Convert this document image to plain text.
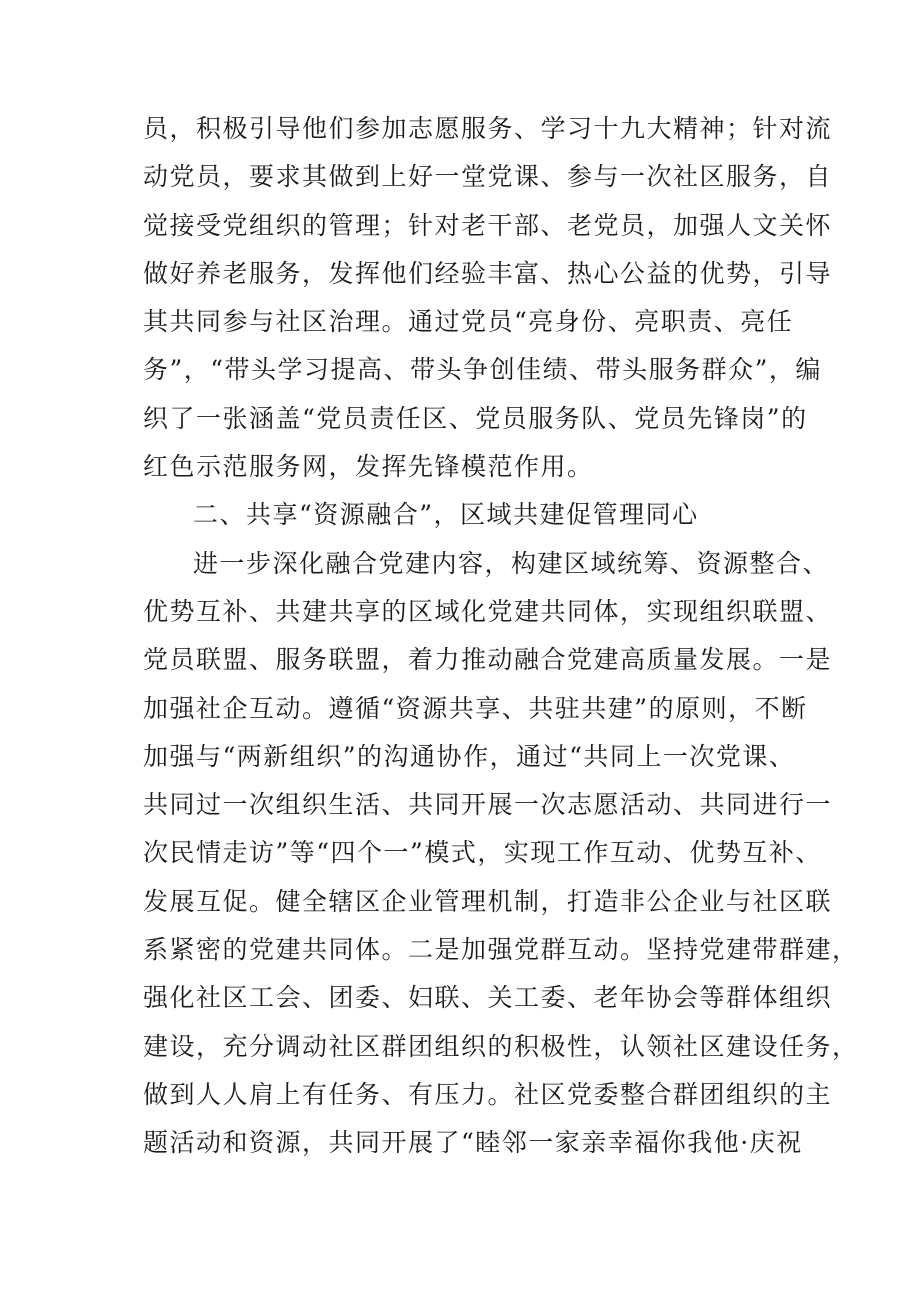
员，积极引导他们参加志愿服务、学习十九大精神；针对流
动党员，要求其做到上好一堂党课、参与一次社区服务，自
觉接受党组织的管理；针对老干部、老党员，加强人文关怀
做好养老服务，发挥他们经验丰富、热心公益的优势，引导
其共同参与社区治理。通过党员“亮身份、亮职责、亮任
务”，“带头学习提高、带头争创佳绩、带头服务群众”，编
织了一张涵盖“党员责任区、党员服务队、党员先锋岗”的
红色示范服务网，发挥先锋模范作用。
二、共享“资源融合”，区域共建促管理同心
进一步深化融合党建内容，构建区域统筹、资源整合、
优势互补、共建共享的区域化党建共同体，实现组织联盟、
党员联盟、服务联盟，着力推动融合党建高质量发展。一是
加强社企互动。遵循“资源共享、共驻共建”的原则，不断
加强与“两新组织”的沟通协作，通过“共同上一次党课、
共同过一次组织生活、共同开展一次志愿活动、共同进行一
次民情走访”等“四个一”模式，实现工作互动、优势互补、
发展互促。健全辖区企业管理机制，打造非公企业与社区联
系紧密的党建共同体。二是加强党群互动。坚持党建带群建，
强化社区工会、团委、妇联、关工委、老年协会等群体组织
建设，充分调动社区群团组织的积极性，认领社区建设任务，
做到人人肩上有任务、有压力。社区党委整合群团组织的主
题活动和资源，共同开展了“睦邻一家亲幸福你我他·庆祝
